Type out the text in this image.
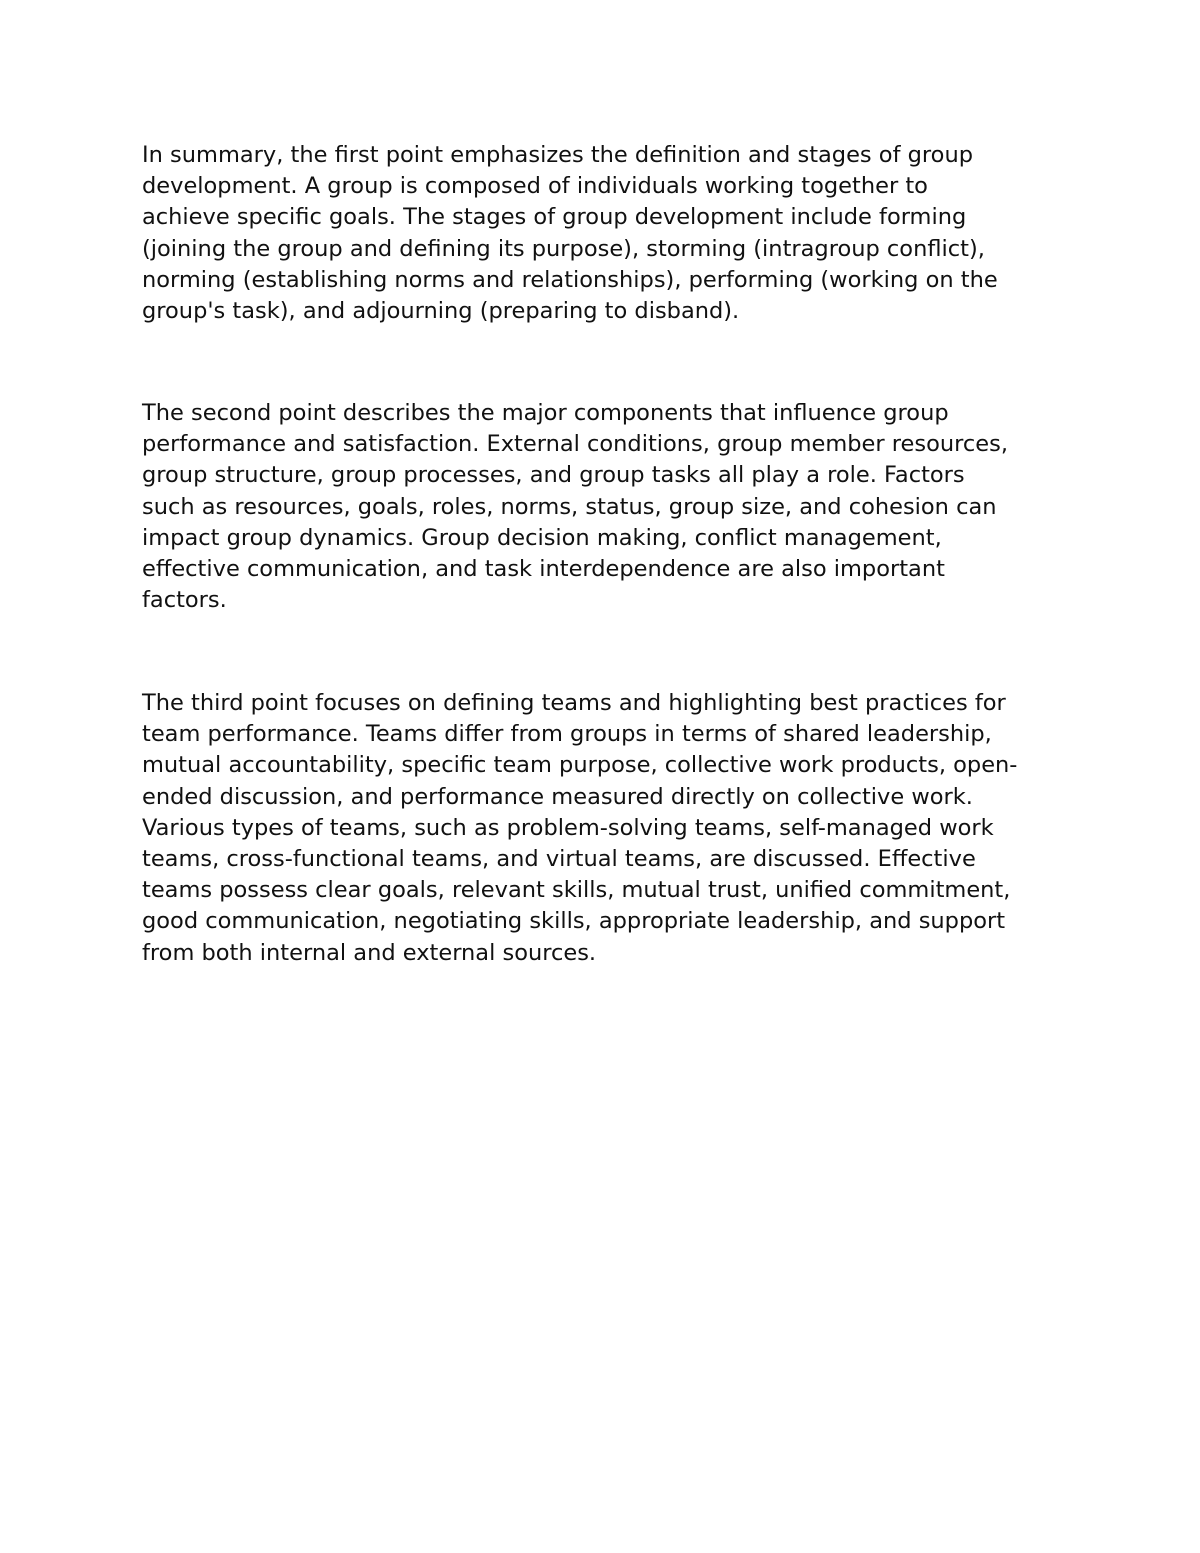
In summary, the first point emphasizes the definition and stages of group
development. A group is composed of individuals working together to
achieve specific goals. The stages of group development include forming
(joining the group and defining its purpose), storming (intragroup conflict),
norming (establishing norms and relationships), performing (working on the
group's task), and adjourning (preparing to disband).

The second point describes the major components that influence group
performance and satisfaction. External conditions, group member resources,
group structure, group processes, and group tasks all play a role. Factors
such as resources, goals, roles, norms, status, group size, and cohesion can
impact group dynamics. Group decision making, conflict management,
effective communication, and task interdependence are also important
factors.

The third point focuses on defining teams and highlighting best practices for
team performance. Teams differ from groups in terms of shared leadership,
mutual accountability, specific team purpose, collective work products, open-
ended discussion, and performance measured directly on collective work.
Various types of teams, such as problem-solving teams, self-managed work
teams, cross-functional teams, and virtual teams, are discussed. Effective
teams possess clear goals, relevant skills, mutual trust, unified commitment,
good communication, negotiating skills, appropriate leadership, and support
from both internal and external sources.
